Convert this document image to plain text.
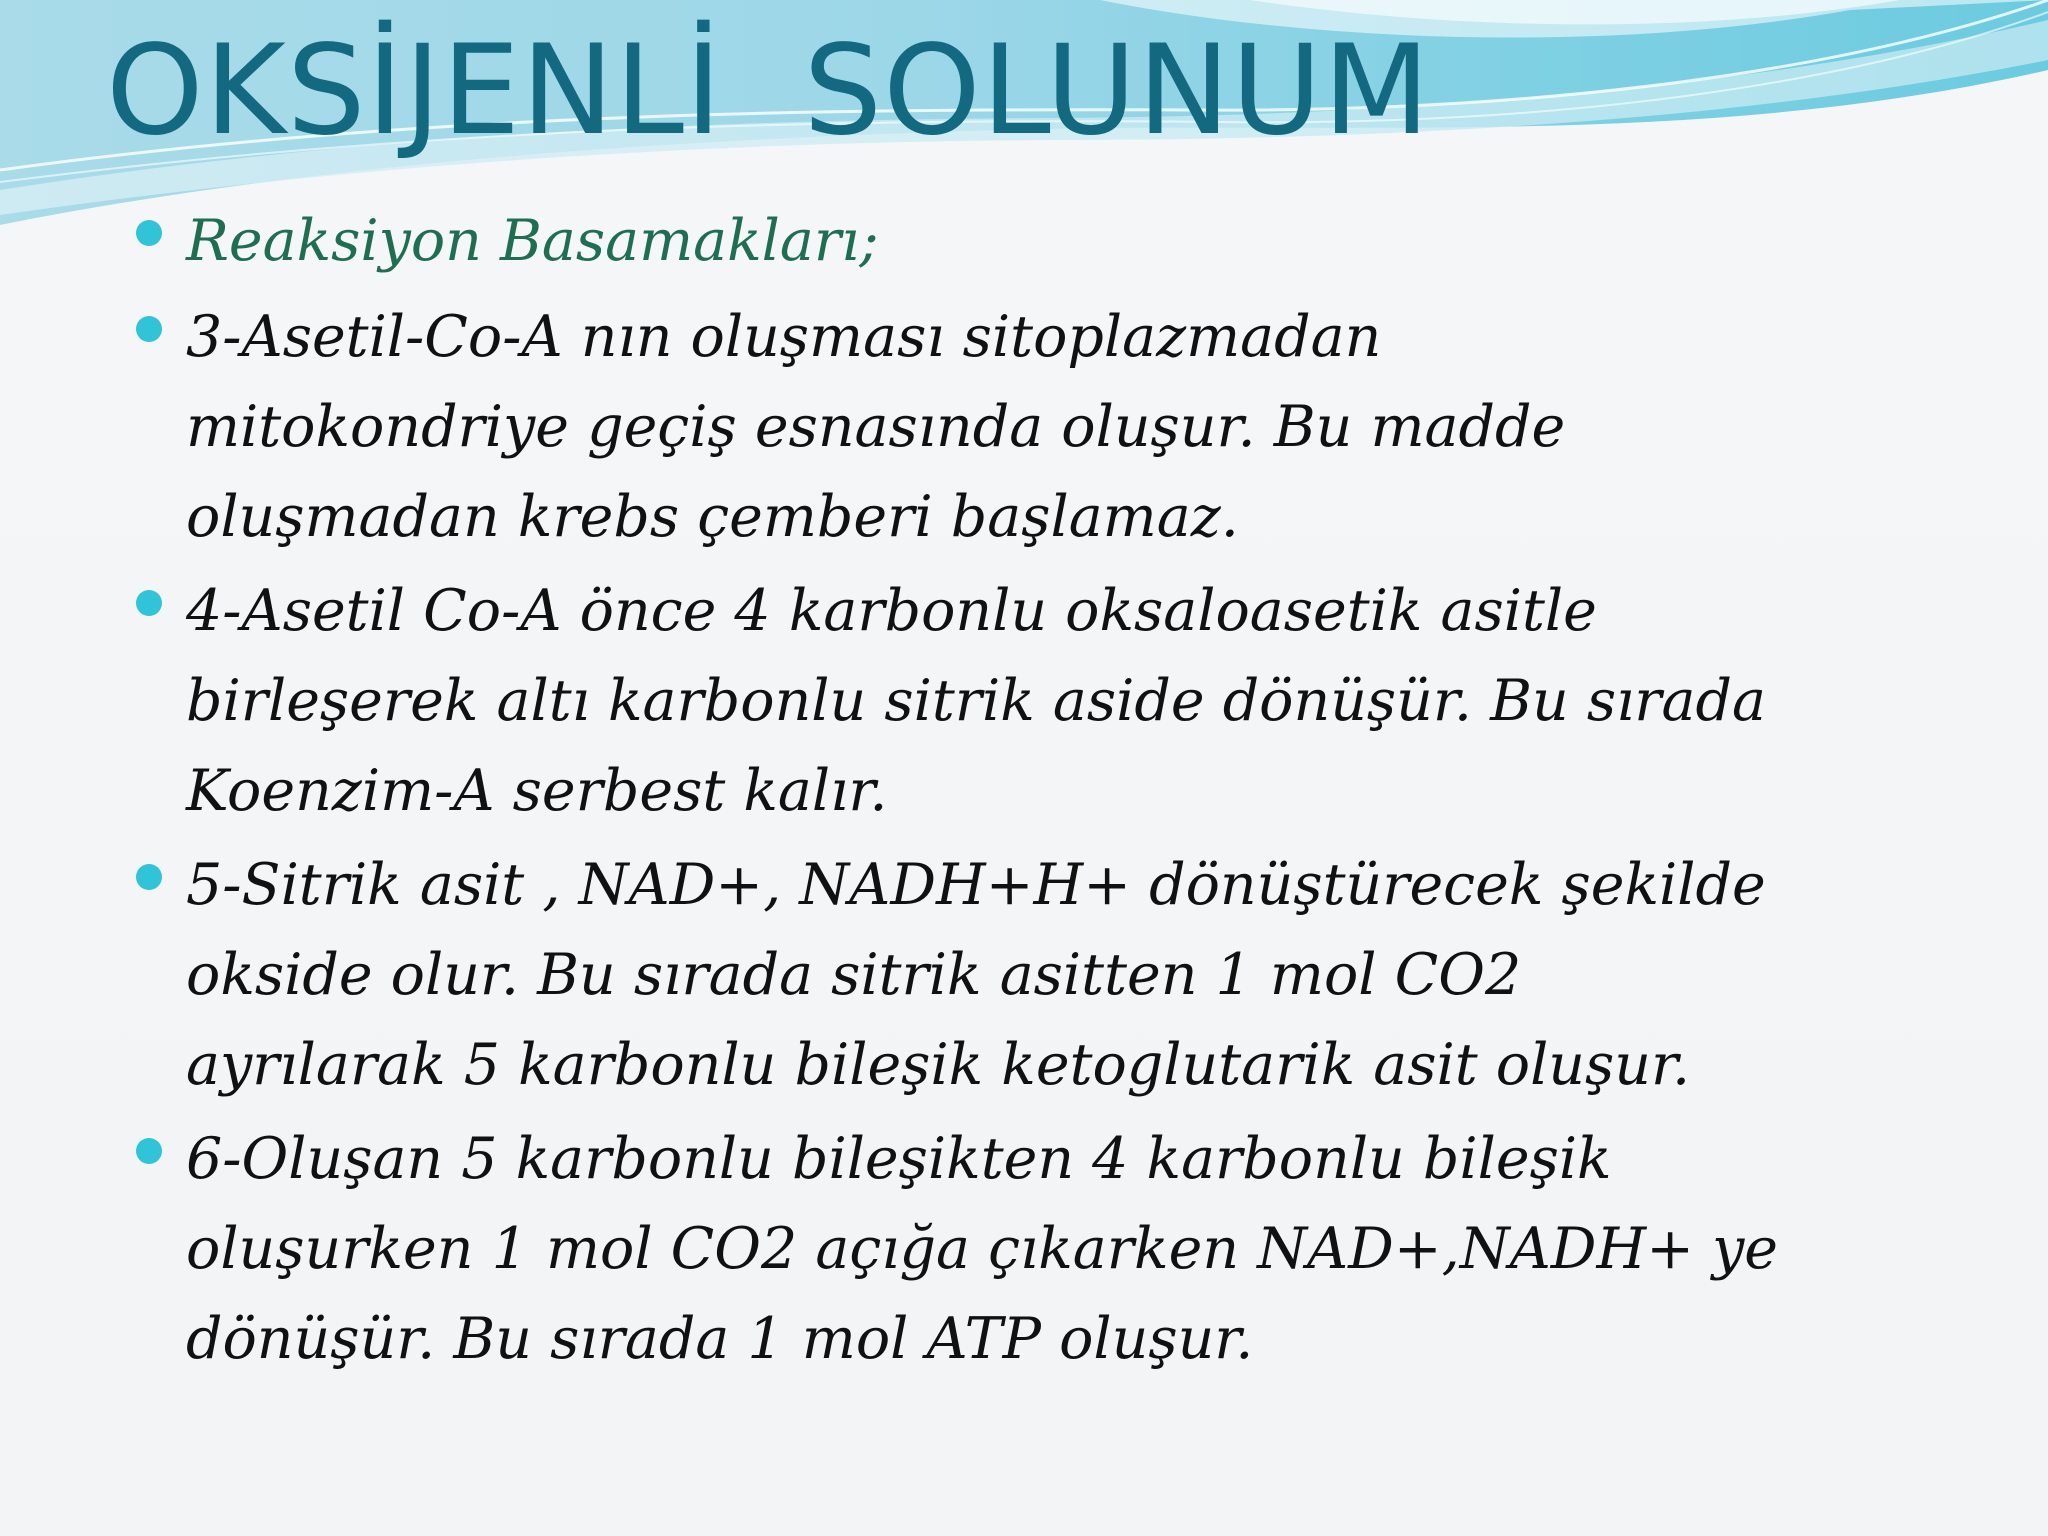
OKSİJENLİ  SOLUNUM
Reaksiyon Basamakları;
3-Asetil-Co-A nın oluşması sitoplazmadan
mitokondriye geçiş esnasında oluşur. Bu madde
oluşmadan krebs çemberi başlamaz.
4-Asetil Co-A önce 4 karbonlu oksaloasetik asitle
birleşerek altı karbonlu sitrik aside dönüşür. Bu sırada
Koenzim-A serbest kalır.
5-Sitrik asit , NAD+, NADH+H+ dönüştürecek şekilde
okside olur. Bu sırada sitrik asitten 1 mol CO2
ayrılarak 5 karbonlu bileşik ketoglutarik asit oluşur.
6-Oluşan 5 karbonlu bileşikten 4 karbonlu bileşik
oluşurken 1 mol CO2 açığa çıkarken NAD+,NADH+ ye
dönüşür. Bu sırada 1 mol ATP oluşur.
